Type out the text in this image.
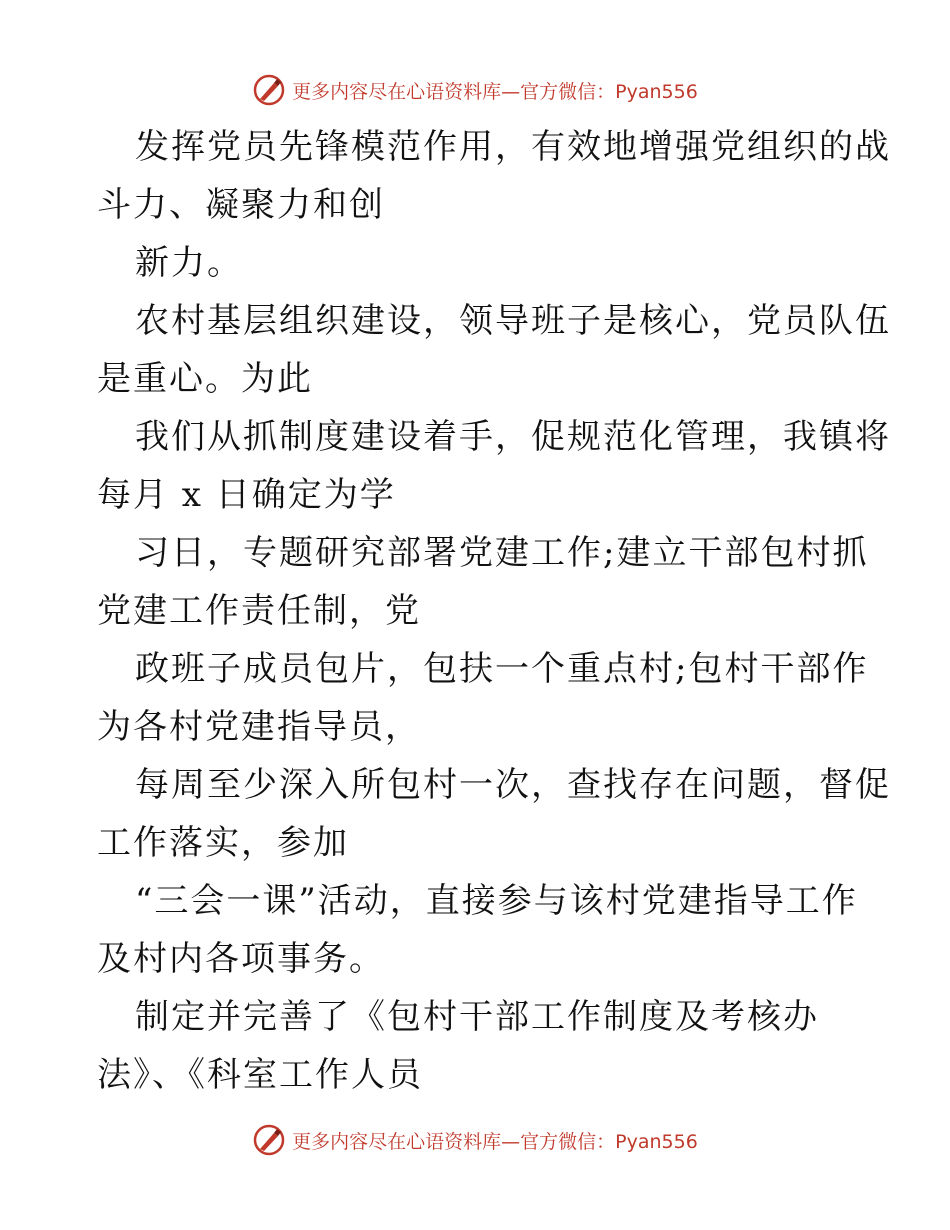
更多内容尽在心语资料库 —官方微信：Pyan556
发挥党员先锋模范作用，有效地增强党组织的战
斗力、凝聚力和创
新力。
农村基层组织建设，领导班子是核心，党员队伍
是重心。为此
我们从抓制度建设着手，促规范化管理，我镇将
每月 x 日确定为学
习日，专题研究部署党建工作;建立干部包村抓
党建工作责任制，党
政班子成员包片，包扶一个重点村;包村干部作
为各村党建指导员，
每周至少深入所包村一次，查找存在问题，督促
工作落实，参加
“三会一课”活动，直接参与该村党建指导工作
及村内各项事务。
制定并完善了《包村干部工作制度及考核办
法》、《科室工作人员
更多内容尽在心语资料库 —官方微信：Pyan556
